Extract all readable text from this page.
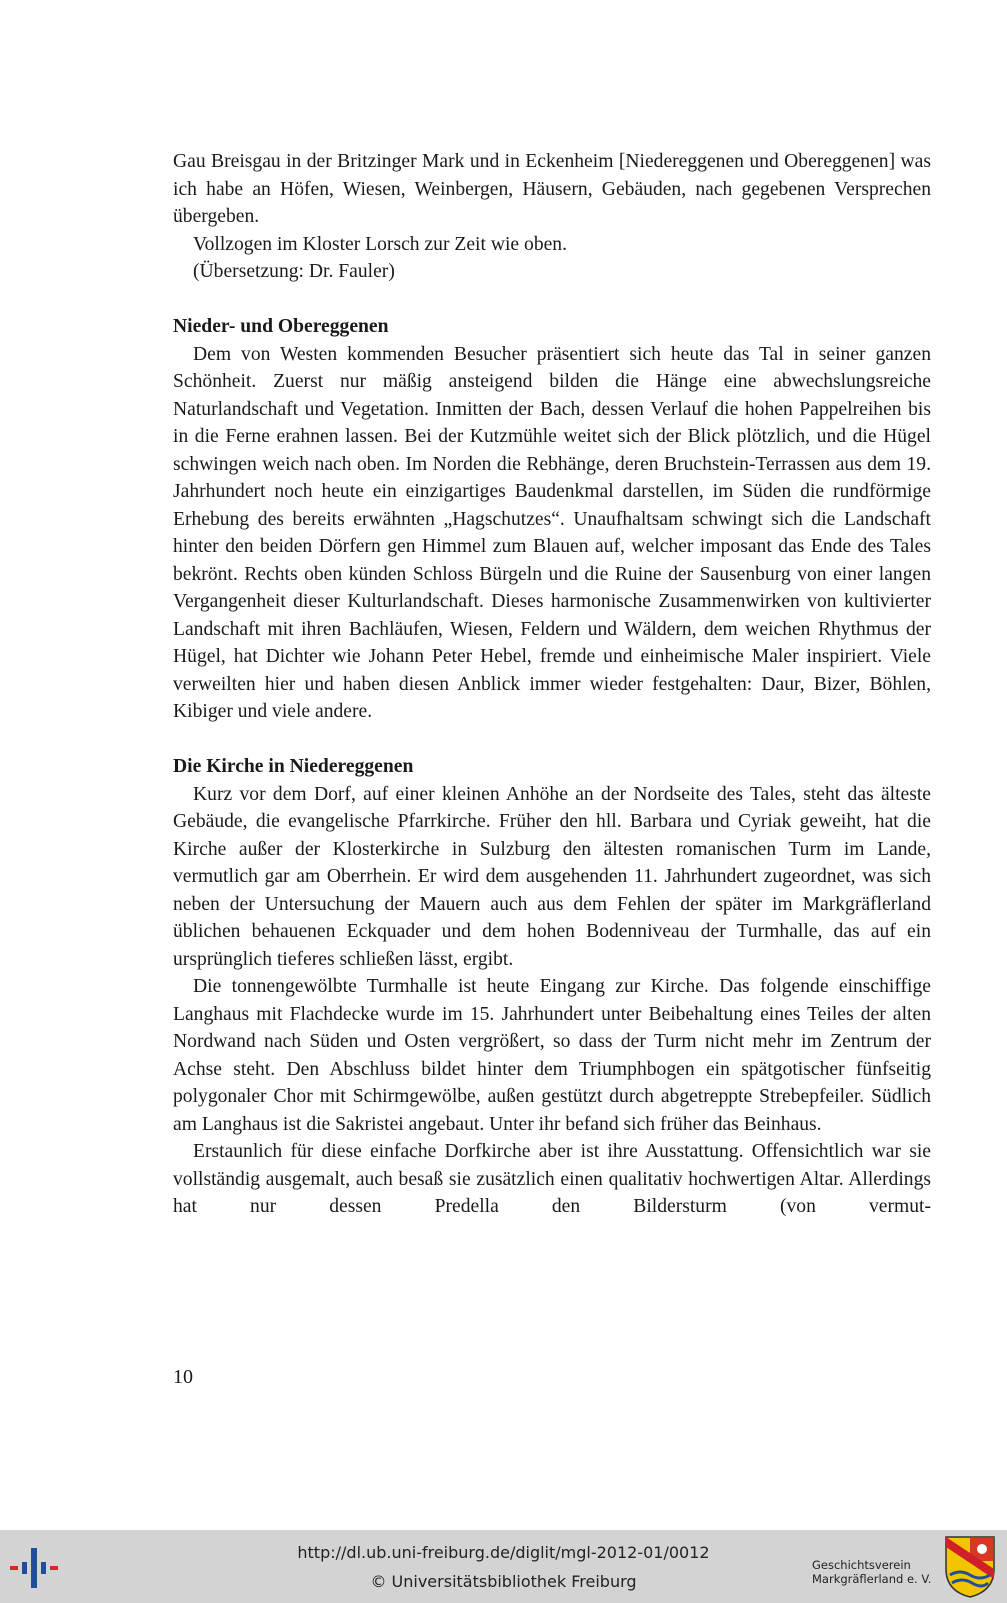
Gau Breisgau in der Britzinger Mark und in Eckenheim [Niedereggenen und Obereggenen] was ich habe an Höfen, Wiesen, Weinbergen, Häusern, Gebäuden, nach gegebenen Versprechen übergeben.

Vollzogen im Kloster Lorsch zur Zeit wie oben.

(Übersetzung: Dr. Fauler)

Nieder- und Obereggenen

Dem von Westen kommenden Besucher präsentiert sich heute das Tal in seiner ganzen Schönheit. Zuerst nur mäßig ansteigend bilden die Hänge eine abwechslungsreiche Naturlandschaft und Vegetation. Inmitten der Bach, dessen Verlauf die hohen Pappelreihen bis in die Ferne erahnen lassen. Bei der Kutzmühle weitet sich der Blick plötzlich, und die Hügel schwingen weich nach oben. Im Norden die Rebhänge, deren Bruchstein-Terrassen aus dem 19. Jahrhundert noch heute ein einzigartiges Baudenkmal darstellen, im Süden die rundförmige Erhebung des bereits erwähnten „Hagschutzes“. Unaufhaltsam schwingt sich die Landschaft hinter den beiden Dörfern gen Himmel zum Blauen auf, welcher imposant das Ende des Tales bekrönt. Rechts oben künden Schloss Bürgeln und die Ruine der Sausenburg von einer langen Vergangenheit dieser Kulturlandschaft. Dieses harmonische Zusammenwirken von kultivierter Landschaft mit ihren Bachläufen, Wiesen, Feldern und Wäldern, dem weichen Rhythmus der Hügel, hat Dichter wie Johann Peter Hebel, fremde und einheimische Maler inspiriert. Viele verweilten hier und haben diesen Anblick immer wieder festgehalten: Daur, Bizer, Böhlen, Kibiger und viele andere.

Die Kirche in Niedereggenen

Kurz vor dem Dorf, auf einer kleinen Anhöhe an der Nordseite des Tales, steht das älteste Gebäude, die evangelische Pfarrkirche. Früher den hll. Barbara und Cyriak geweiht, hat die Kirche außer der Klosterkirche in Sulzburg den ältesten romanischen Turm im Lande, vermutlich gar am Oberrhein. Er wird dem ausgehenden 11. Jahrhundert zugeordnet, was sich neben der Untersuchung der Mauern auch aus dem Fehlen der später im Markgräflerland üblichen behauenen Eckquader und dem hohen Bodenniveau der Turmhalle, das auf ein ursprünglich tieferes schließen lässt, ergibt.

Die tonnengewölbte Turmhalle ist heute Eingang zur Kirche. Das folgende einschiffige Langhaus mit Flachdecke wurde im 15. Jahrhundert unter Beibehaltung eines Teiles der alten Nordwand nach Süden und Osten vergrößert, so dass der Turm nicht mehr im Zentrum der Achse steht. Den Abschluss bildet hinter dem Triumphbogen ein spätgotischer fünfseitig polygonaler Chor mit Schirmgewölbe, außen gestützt durch abgetreppte Strebepfeiler. Südlich am Langhaus ist die Sakristei angebaut. Unter ihr befand sich früher das Beinhaus.

Erstaunlich für diese einfache Dorfkirche aber ist ihre Ausstattung. Offensichtlich war sie vollständig ausgemalt, auch besaß sie zusätzlich einen qualitativ hochwertigen Altar. Allerdings hat nur dessen Predella den Bildersturm (von vermut-

10
http://dl.ub.uni-freiburg.de/diglit/mgl-2012-01/0012
© Universitätsbibliothek Freiburg
Geschichtsverein
Markgräflerland e. V.
